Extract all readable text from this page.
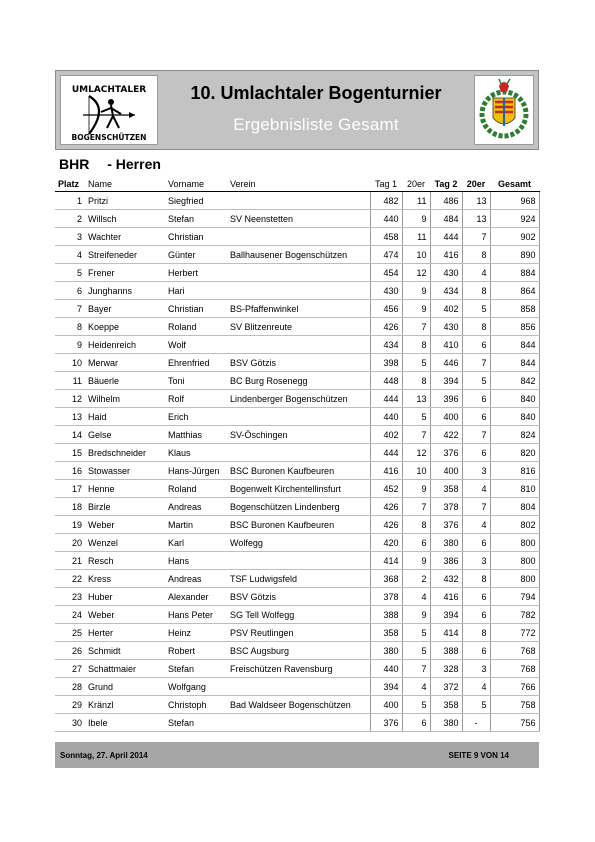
UMLACHTALER
BOGENSCHÜTZEN
10. Umlachtaler Bogenturnier
Ergebnisliste Gesamt
BHR - Herren
Platz	Name	Vorname	Verein	Tag 1	20er	Tag 2	20er	Gesamt
1	Pritzi	Siegfried		482	11	486	13	968
2	Willsch	Stefan	SV Neenstetten	440	9	484	13	924
3	Wachter	Christian		458	11	444	7	902
4	Streifeneder	Günter	Ballhausener Bogenschützen	474	10	416	8	890
5	Frener	Herbert		454	12	430	4	884
6	Junghanns	Hari		430	9	434	8	864
7	Bayer	Christian	BS-Pfaffenwinkel	456	9	402	5	858
8	Koeppe	Roland	SV Blitzenreute	426	7	430	8	856
9	Heidenreich	Wolf		434	8	410	6	844
10	Merwar	Ehrenfried	BSV Götzis	398	5	446	7	844
11	Bäuerle	Toni	BC Burg Rosenegg	448	8	394	5	842
12	Wilhelm	Rolf	Lindenberger Bogenschützen	444	13	396	6	840
13	Haid	Erich		440	5	400	6	840
14	Gelse	Matthias	SV-Öschingen	402	7	422	7	824
15	Bredschneider	Klaus		444	12	376	6	820
16	Stowasser	Hans-Jürgen	BSC Buronen Kaufbeuren	416	10	400	3	816
17	Henne	Roland	Bogenwelt Kirchentellinsfurt	452	9	358	4	810
18	Birzle	Andreas	Bogenschützen Lindenberg	426	7	378	7	804
19	Weber	Martin	BSC Buronen Kaufbeuren	426	8	376	4	802
20	Wenzel	Karl	Wolfegg	420	6	380	6	800
21	Resch	Hans		414	9	386	3	800
22	Kress	Andreas	TSF Ludwigsfeld	368	2	432	8	800
23	Huber	Alexander	BSV Götzis	378	4	416	6	794
24	Weber	Hans Peter	SG Tell Wolfegg	388	9	394	6	782
25	Herter	Heinz	PSV Reutlingen	358	5	414	8	772
26	Schmidt	Robert	BSC Augsburg	380	5	388	6	768
27	Schattmaier	Stefan	Freischützen Ravensburg	440	7	328	3	768
28	Grund	Wolfgang		394	4	372	4	766
29	Kränzl	Christoph	Bad Waldseer Bogenschützen	400	5	358	5	758
30	Ibele	Stefan		376	6	380	-	756
Sonntag, 27. April 2014	SEITE 9 VON 14
